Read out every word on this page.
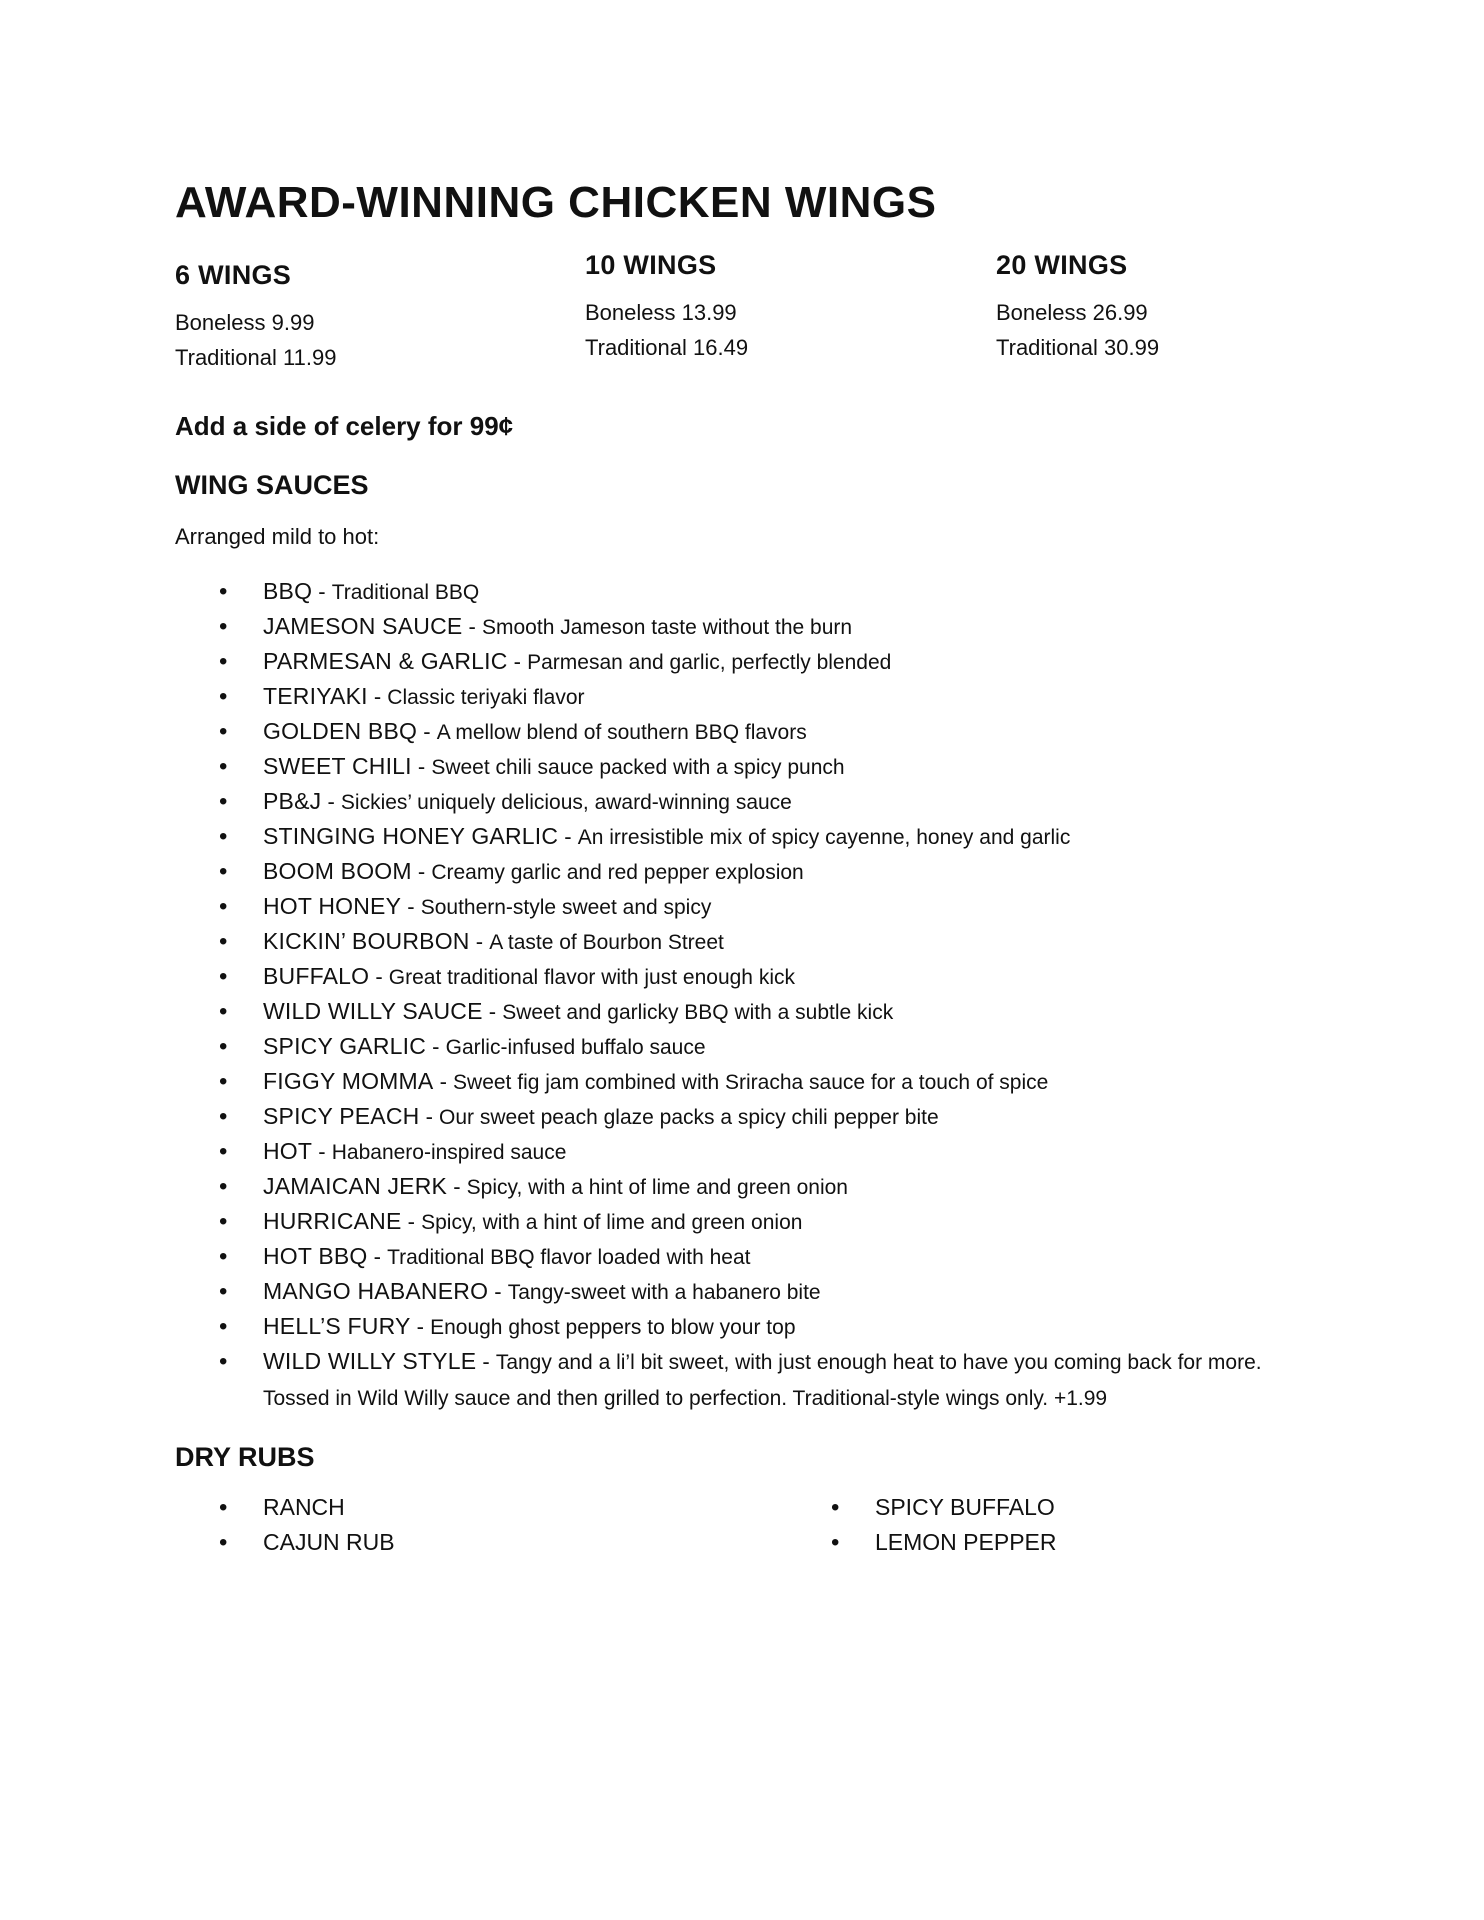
AWARD-WINNING CHICKEN WINGS
6 WINGS
Boneless 9.99
Traditional 11.99
10 WINGS
Boneless 13.99
Traditional 16.49
20 WINGS
Boneless 26.99
Traditional 30.99

Add a side of celery for 99¢

WING SAUCES

Arranged mild to hot:

• BBQ - Traditional BBQ
• JAMESON SAUCE - Smooth Jameson taste without the burn
• PARMESAN & GARLIC - Parmesan and garlic, perfectly blended
• TERIYAKI - Classic teriyaki flavor
• GOLDEN BBQ - A mellow blend of southern BBQ flavors
• SWEET CHILI - Sweet chili sauce packed with a spicy punch
• PB&J - Sickies’ uniquely delicious, award-winning sauce
• STINGING HONEY GARLIC - An irresistible mix of spicy cayenne, honey and garlic
• BOOM BOOM - Creamy garlic and red pepper explosion
• HOT HONEY - Southern-style sweet and spicy
• KICKIN’ BOURBON - A taste of Bourbon Street
• BUFFALO - Great traditional flavor with just enough kick
• WILD WILLY SAUCE - Sweet and garlicky BBQ with a subtle kick
• SPICY GARLIC - Garlic-infused buffalo sauce
• FIGGY MOMMA - Sweet fig jam combined with Sriracha sauce for a touch of spice
• SPICY PEACH - Our sweet peach glaze packs a spicy chili pepper bite
• HOT - Habanero-inspired sauce
• JAMAICAN JERK - Spicy, with a hint of lime and green onion
• HURRICANE - Spicy, with a hint of lime and green onion
• HOT BBQ - Traditional BBQ flavor loaded with heat
• MANGO HABANERO - Tangy-sweet with a habanero bite
• HELL’S FURY - Enough ghost peppers to blow your top
• WILD WILLY STYLE - Tangy and a li’l bit sweet, with just enough heat to have you coming back for more. Tossed in Wild Willy sauce and then grilled to perfection. Traditional-style wings only. +1.99
DRY RUBS
• RANCH
• CAJUN RUB
• SPICY BUFFALO
• LEMON PEPPER
